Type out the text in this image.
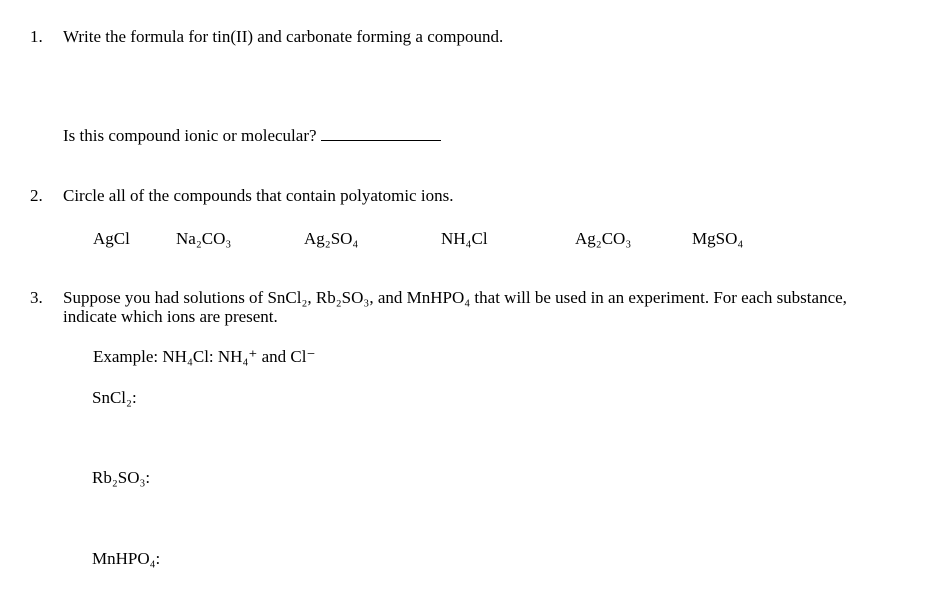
1. Write the formula for tin(II) and carbonate forming a compound.
Is this compound ionic or molecular?
2. Circle all of the compounds that contain polyatomic ions.
AgCl	Na₂CO₃	Ag₂SO₄	NH₄Cl	Ag₂CO₃	MgSO₄
3. Suppose you had solutions of SnCl₂, Rb₂SO₃, and MnHPO₄ that will be used in an experiment. For each substance,
indicate which ions are present.
Example: NH₄Cl: NH₄⁺ and Cl⁻
SnCl₂:
Rb₂SO₃:
MnHPO₄:
